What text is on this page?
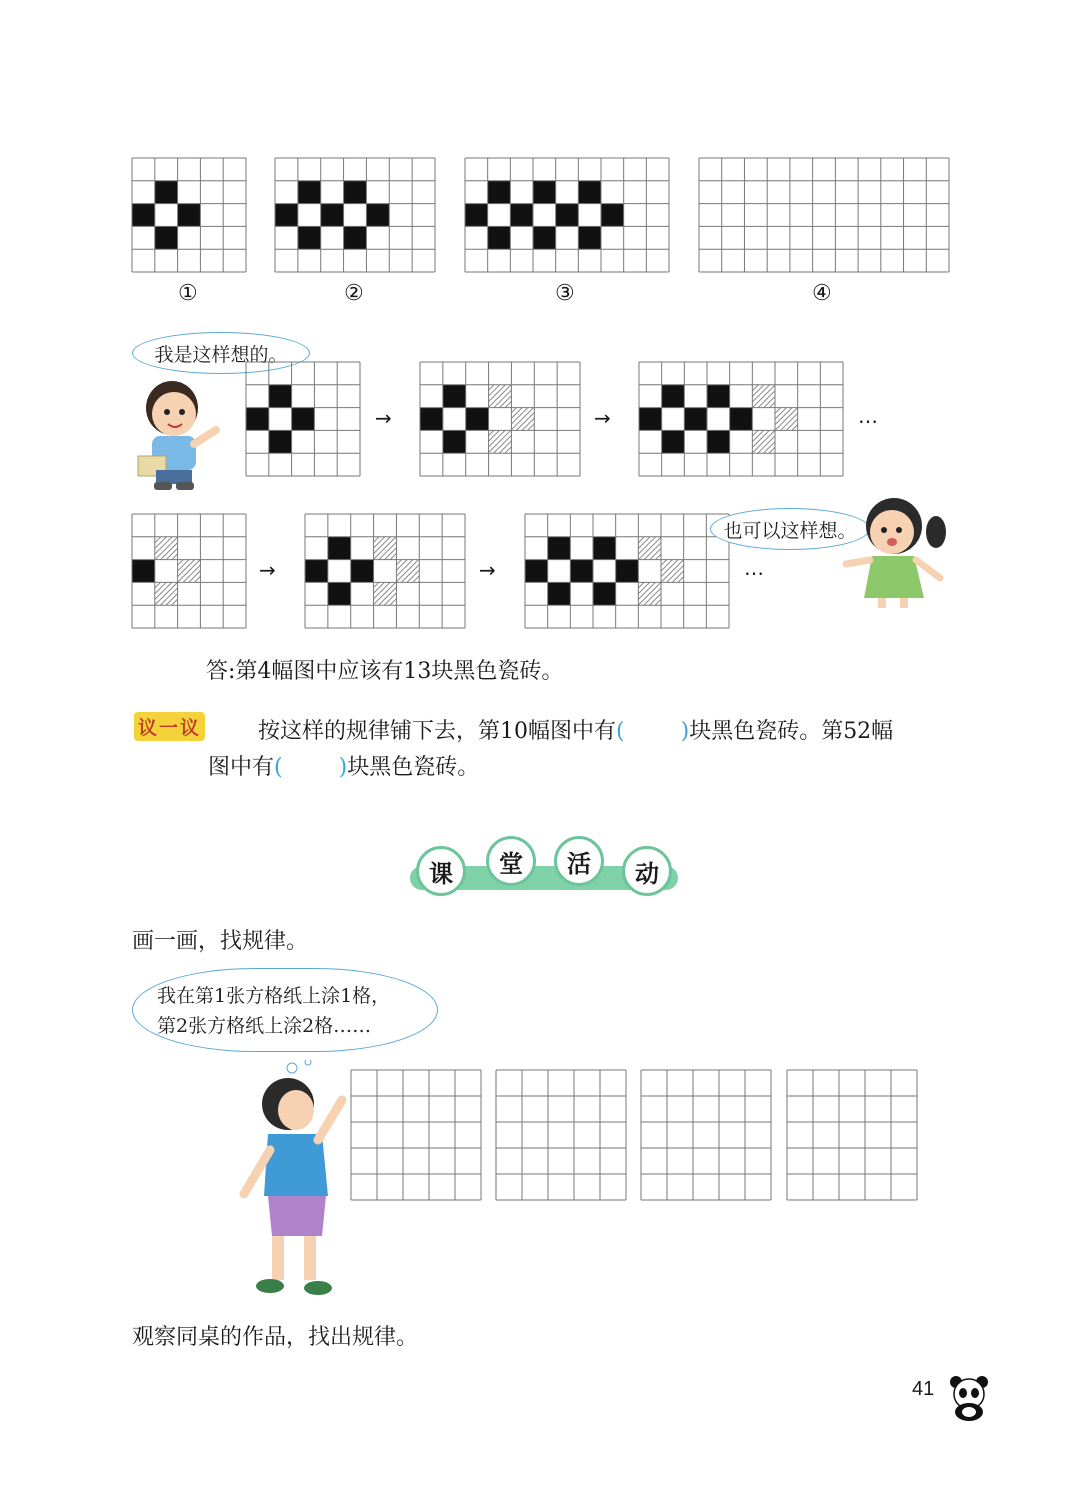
①	②	③	④
我是这样想的。
→	→	…
→	→	…
也可以这样想。
答:第4幅图中应该有13块黑色瓷砖。
议一议	按这样的规律铺下去，第10幅图中有(	)块黑色瓷砖。第52幅
图中有(	)块黑色瓷砖。
课	堂	活	动
画一画，找规律。
我在第1张方格纸上涂1格，
第2张方格纸上涂2格……
观察同桌的作品，找出规律。
41
